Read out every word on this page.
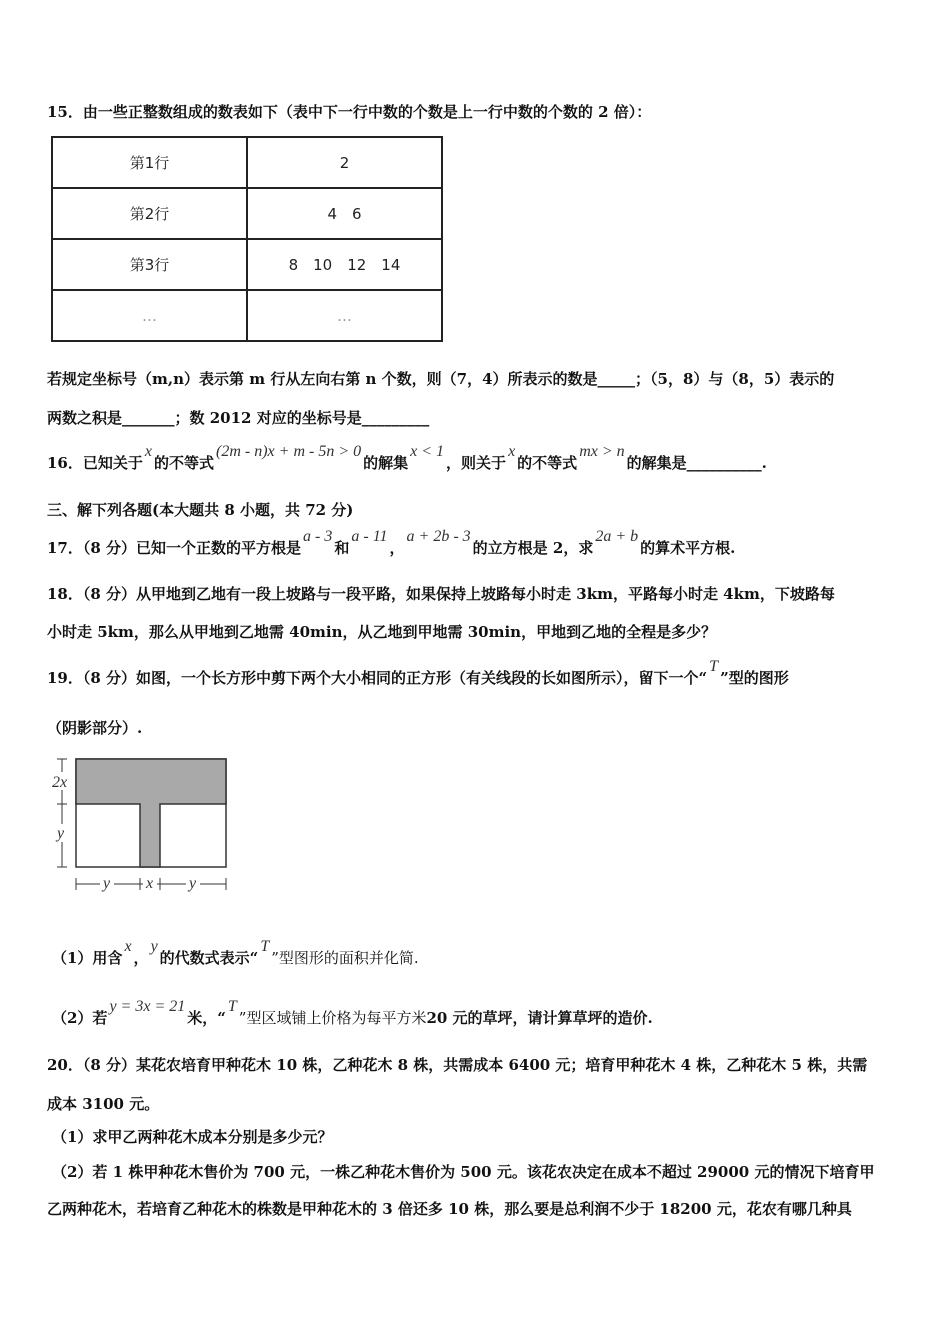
15．由一些正整数组成的数表如下（表中下一行中数的个数是上一行中数的个数的 2 倍）：
第1行	2
第2行	4　6
第3行	8　10　12　14
…	…
若规定坐标号（m,n）表示第 m 行从左向右第 n 个数，则（7，4）所表示的数是_____；（5，8）与（8，5）表示的
两数之积是_______；数 2012 对应的坐标号是_________
16．已知关于x的不等式(2m - n)x + m - 5n > 0的解集x < 1，则关于x的不等式mx > n的解集是__________.
三、解下列各题(本大题共 8 小题，共 72 分)
17．（8 分）已知一个正数的平方根是a - 3和a - 11，a + 2b - 3的立方根是 2，求2a + b的算术平方根.
18．（8 分）从甲地到乙地有一段上坡路与一段平路，如果保持上坡路每小时走 3km，平路每小时走 4km，下坡路每
小时走 5km，那么从甲地到乙地需 40min，从乙地到甲地需 30min，甲地到乙地的全程是多少？
19．（8 分）如图，一个长方形中剪下两个大小相同的正方形（有关线段的长如图所示），留下一个“T”型的图形
（阴影部分）.
2x
y
y x y
（1）用含x，y的代数式表示“T”型图形的面积并化简.
（2）若y = 3x = 21米，“T”型区域铺上价格为每平方米20 元的草坪，请计算草坪的造价.
20．（8 分）某花农培育甲种花木 10 株，乙种花木 8 株，共需成本 6400 元；培育甲种花木 4 株，乙种花木 5 株，共需
成本 3100 元。
（1）求甲乙两种花木成本分别是多少元？
（2）若 1 株甲种花木售价为 700 元，一株乙种花木售价为 500 元。该花农决定在成本不超过 29000 元的情况下培育甲
乙两种花木，若培育乙种花木的株数是甲种花木的 3 倍还多 10 株，那么要是总利润不少于 18200 元，花农有哪几种具
